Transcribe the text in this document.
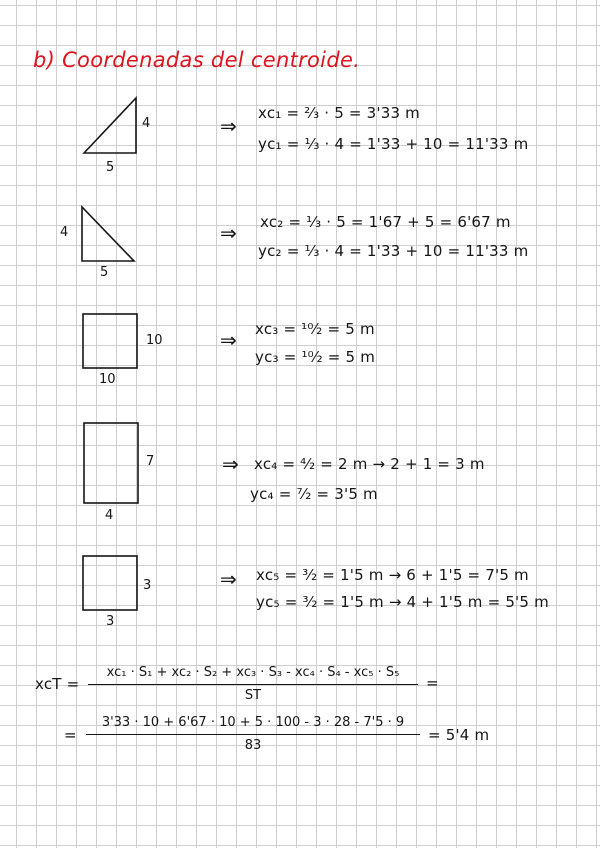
b) Coordenadas del centroide.
4
5
4
5
10
10
7
4
3
3
⇒
⇒
⇒
⇒
⇒
xc₁ = ²⁄₃ · 5 = 3'33 m
yc₁ = ¹⁄₃ · 4 = 1'33 + 10 = 11'33 m
xc₂ = ¹⁄₃ · 5 = 1'67 + 5 = 6'67 m
yc₂ = ¹⁄₃ · 4 = 1'33 + 10 = 11'33 m
xc₃ = ¹⁰⁄₂ = 5 m
yc₃ = ¹⁰⁄₂ = 5 m
xc₄ = ⁴⁄₂ = 2 m → 2 + 1 = 3 m
yc₄ = ⁷⁄₂ = 3'5 m
xc₅ = ³⁄₂ = 1'5 m → 6 + 1'5 = 7'5 m
yc₅ = ³⁄₂ = 1'5 m → 4 + 1'5 m = 5'5 m
xcT =
xc₁ · S₁ + xc₂ · S₂ + xc₃ · S₃ - xc₄ · S₄ - xc₅ · S₅
ST
=
=
3'33 · 10 + 6'67 · 10 + 5 · 100 - 3 · 28 - 7'5 · 9
83
= 5'4 m
